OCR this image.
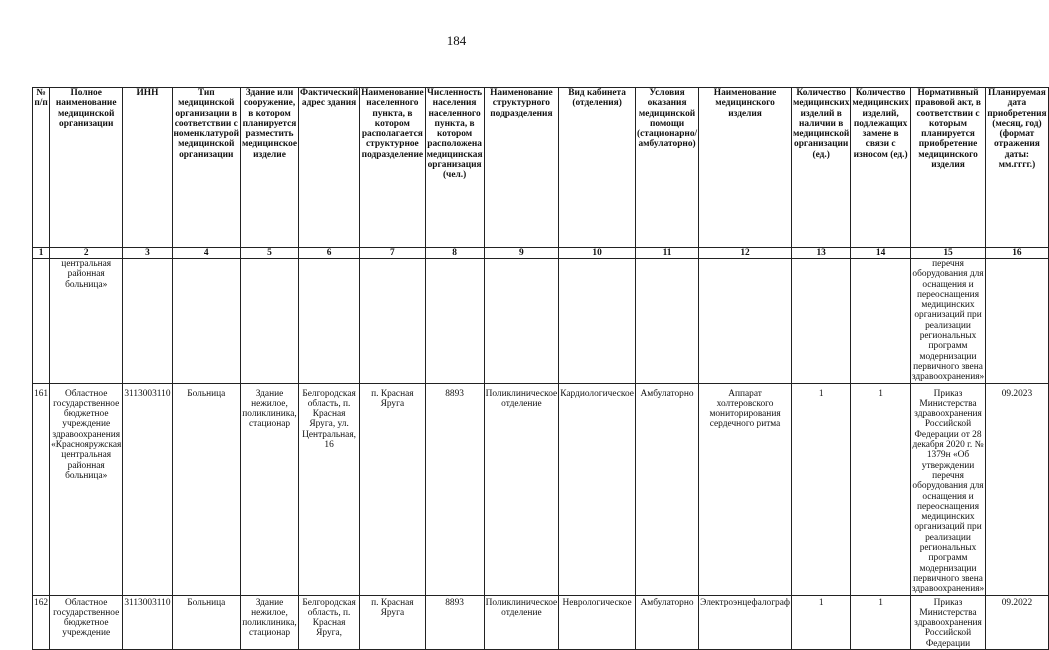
184
№ п/п	Полное наименование медицинской организации	ИНН	Тип медицинской организации в соответствии с номенклатурой медицинской организации	Здание или сооружение, в котором планируется разместить медицинское изделие	Фактический адрес здания	Наименование населенного пункта, в котором располагается структурное подразделение	Численность населения населенного пункта, в котором расположена медицинская организация (чел.)	Наименование структурного подразделения	Вид кабинета (отделения)	Условия оказания медицинской помощи (стационарно/амбулаторно)	Наименование медицинского изделия	Количество медицинских изделий в наличии в медицинской организации (ед.)	Количество медицинских изделий, подлежащих замене в связи с износом (ед.)	Нормативный правовой акт, в соответствии с которым планируется приобретение медицинского изделия	Планируемая дата приобретения (месяц, год) (формат отражения даты: мм.гггг.)
1	2	3	4	5	6	7	8	9	10	11	12	13	14	15	16
	центральная районная больница»													перечня оборудования для оснащения и переоснащения медицинских организаций при реализации региональных программ модернизации первичного звена здравоохранения»	
161	Областное государственное бюджетное учреждение здравоохранения «Краснояружская центральная районная больница»	3113003110	Больница	Здание нежилое, поликлиника, стационар	Белгородская область, п. Красная Яруга, ул. Центральная, 16	п. Красная Яруга	8893	Поликлиническое отделение	Кардиологическое	Амбулаторно	Аппарат холтеровского мониторирования сердечного ритма	1	1	Приказ Министерства здравоохранения Российской Федерации от 28 декабря 2020 г. № 1379н «Об утверждении перечня оборудования для оснащения и переоснащения медицинских организаций при реализации региональных программ модернизации первичного звена здравоохранения»	09.2023
162	Областное государственное бюджетное учреждение	3113003110	Больница	Здание нежилое, поликлиника, стационар	Белгородская область, п. Красная Яруга,	п. Красная Яруга	8893	Поликлиническое отделение	Неврологическое	Амбулаторно	Электроэнцефалограф	1	1	Приказ Министерства здравоохранения Российской Федерации	09.2022
